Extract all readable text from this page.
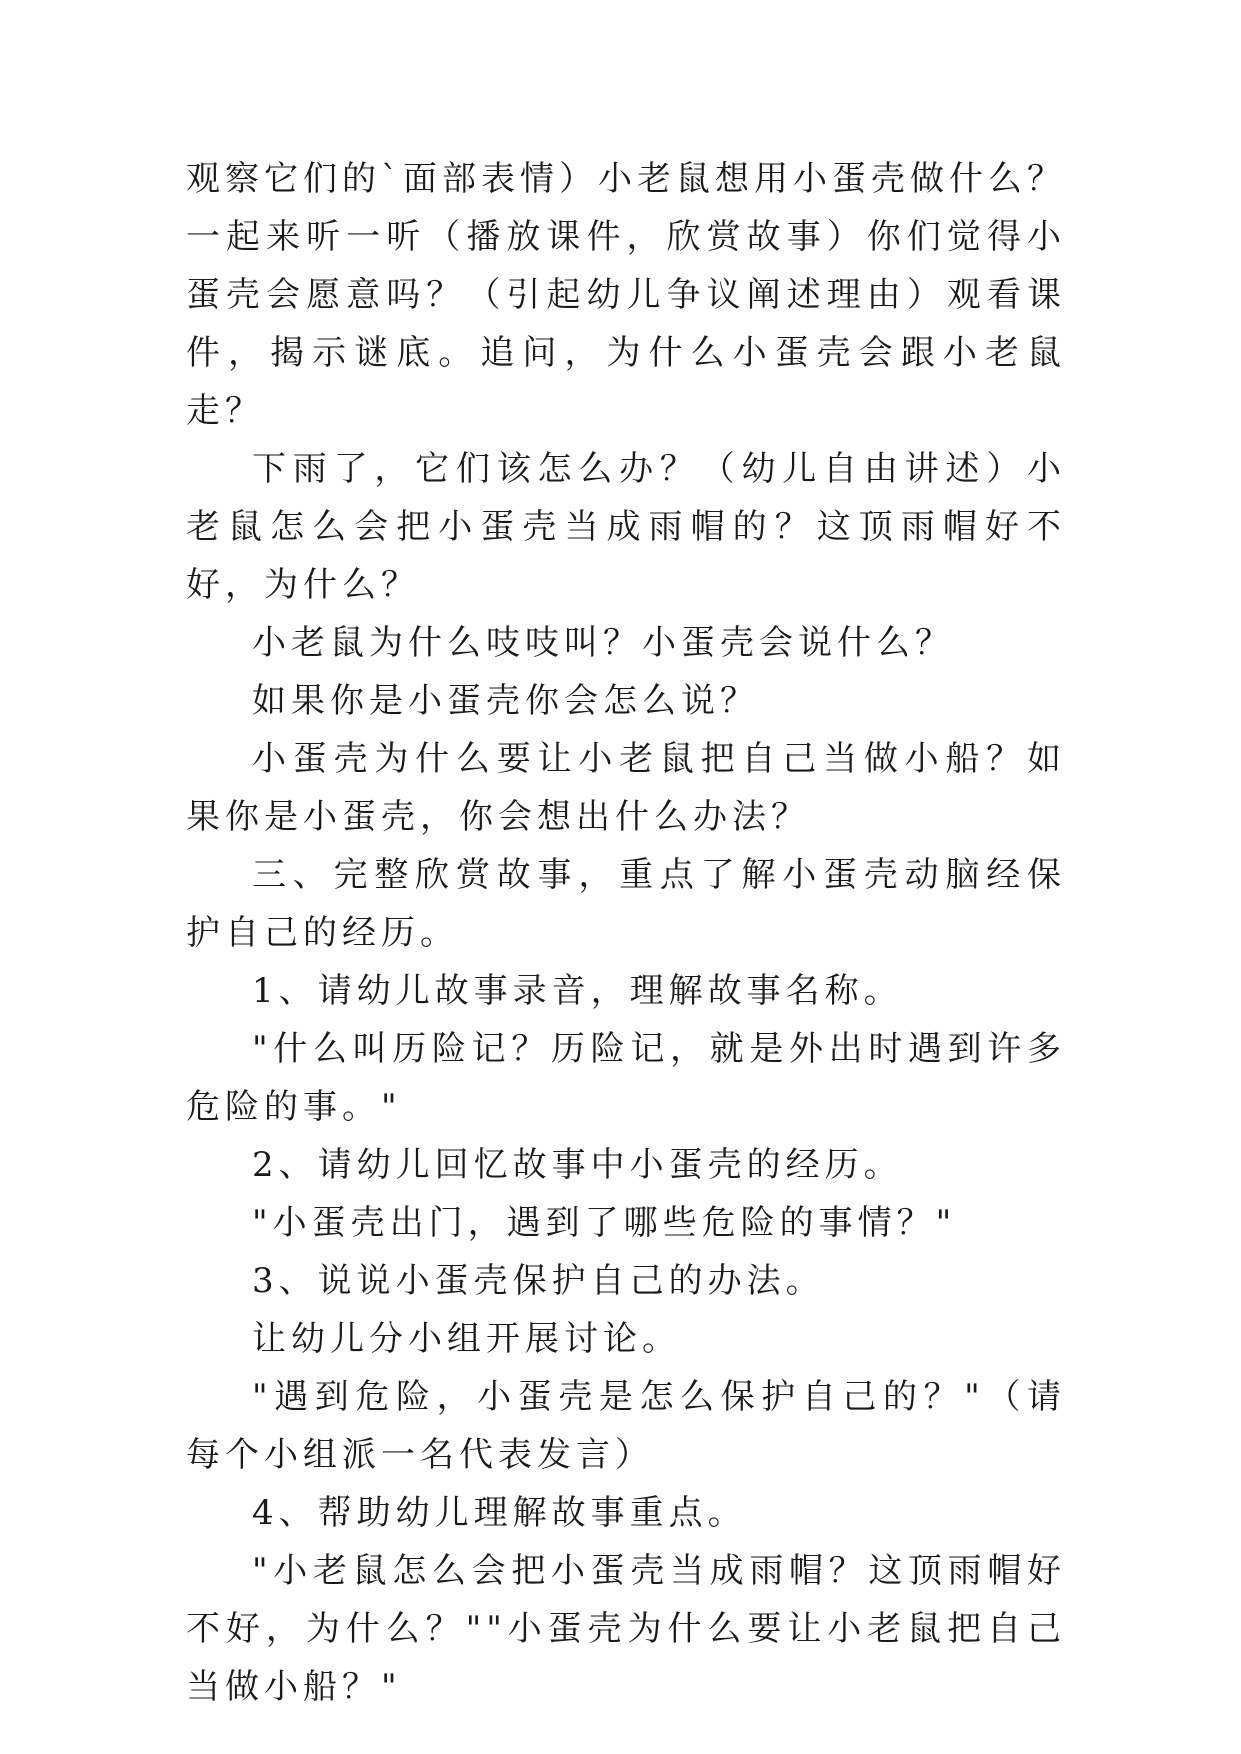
观察它们的`面部表情）小老鼠想用小蛋壳做什么？一起来听一听（播放课件，欣赏故事）你们觉得小蛋壳会愿意吗？（引起幼儿争议阐述理由）观看课件，揭示谜底。追问，为什么小蛋壳会跟小老鼠走？

下雨了，它们该怎么办？（幼儿自由讲述）小老鼠怎么会把小蛋壳当成雨帽的？这顶雨帽好不好，为什么？

小老鼠为什么吱吱叫？小蛋壳会说什么？

如果你是小蛋壳你会怎么说？

小蛋壳为什么要让小老鼠把自己当做小船？如果你是小蛋壳，你会想出什么办法？

三、完整欣赏故事，重点了解小蛋壳动脑经保护自己的经历。

1、请幼儿故事录音，理解故事名称。

"什么叫历险记？历险记，就是外出时遇到许多危险的事。"

2、请幼儿回忆故事中小蛋壳的经历。

"小蛋壳出门，遇到了哪些危险的事情？"

3、说说小蛋壳保护自己的办法。

让幼儿分小组开展讨论。

"遇到危险，小蛋壳是怎么保护自己的？"（请每个小组派一名代表发言）

4、帮助幼儿理解故事重点。

"小老鼠怎么会把小蛋壳当成雨帽？这顶雨帽好不好，为什么？""小蛋壳为什么要让小老鼠把自己当做小船？"
